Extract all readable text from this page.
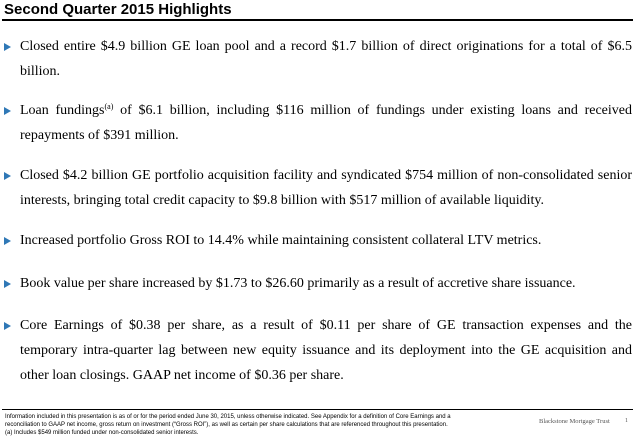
Second Quarter 2015 Highlights
Closed entire $4.9 billion GE loan pool and a record $1.7 billion of direct originations for a total of $6.5 billion.
Loan fundings$^{(a)}$ of $6.1 billion, including $116 million of fundings under existing loans and received repayments of $391 million.
Closed $4.2 billion GE portfolio acquisition facility and syndicated $754 million of non-consolidated senior interests, bringing total credit capacity to $9.8 billion with $517 million of available liquidity.
Increased portfolio Gross ROI to 14.4% while maintaining consistent collateral LTV metrics.
Book value per share increased by $1.73 to $26.60 primarily as a result of accretive share issuance.
Core Earnings of $0.38 per share, as a result of $0.11 per share of GE transaction expenses and the temporary intra-quarter lag between new equity issuance and its deployment into the GE acquisition and other loan closings. GAAP net income of $0.36 per share.

Information included in this presentation is as of or for the period ended June 30, 2015, unless otherwise indicated. See Appendix for a definition of Core Earnings and a

reconciliation to GAAP net income, gross return on investment (“Gross ROI”), as well as certain per share calculations that are referenced throughout this presentation.

(a) Includes $549 million funded under non-consolidated senior interests.

Blackstone Mortgage Trust	1
